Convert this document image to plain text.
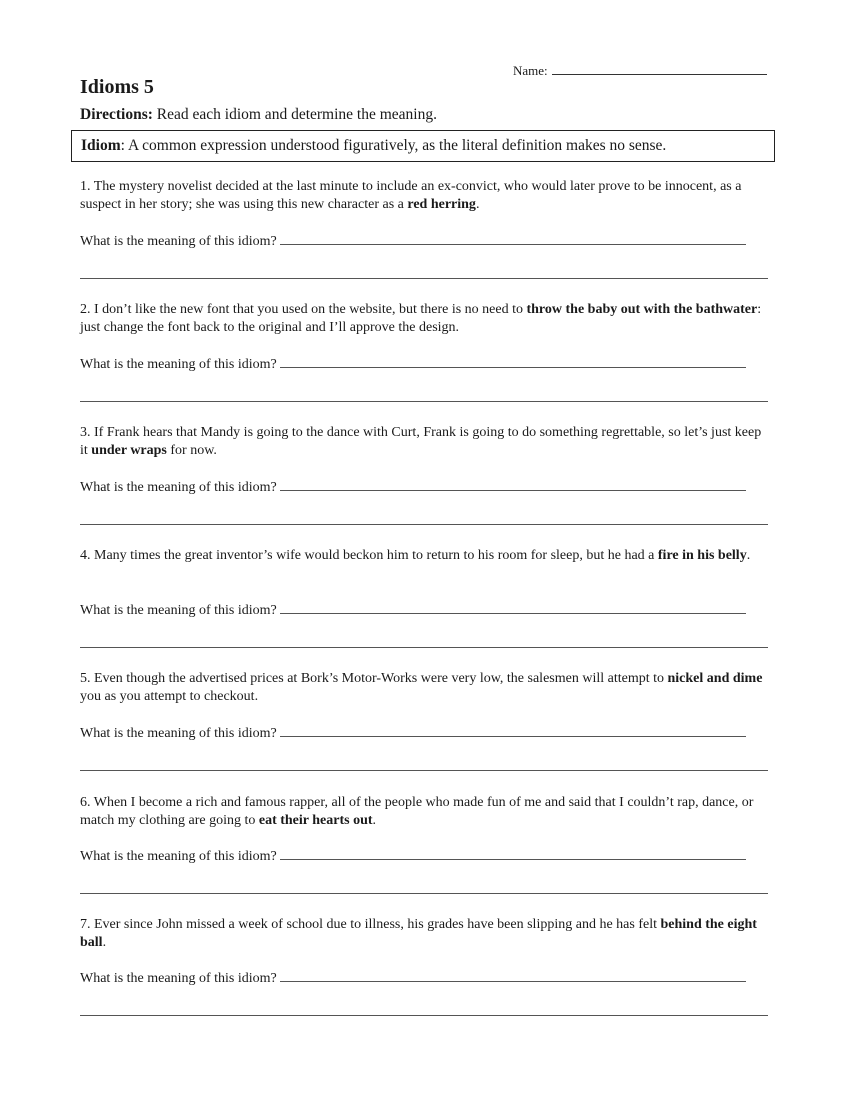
Name:
Idioms 5
Directions: Read each idiom and determine the meaning.
Idiom: A common expression understood figuratively, as the literal definition makes no sense.
1. The mystery novelist decided at the last minute to include an ex-convict, who would later prove to be innocent, as a suspect in her story; she was using this new character as a red herring.
What is the meaning of this idiom?
2. I don’t like the new font that you used on the website, but there is no need to throw the baby out with the bathwater: just change the font back to the original and I’ll approve the design.
What is the meaning of this idiom?
3. If Frank hears that Mandy is going to the dance with Curt, Frank is going to do something regrettable, so let’s just keep it under wraps for now.
What is the meaning of this idiom?
4. Many times the great inventor’s wife would beckon him to return to his room for sleep, but he had a fire in his belly.
What is the meaning of this idiom?
5. Even though the advertised prices at Bork’s Motor-Works were very low, the salesmen will attempt to nickel and dime you as you attempt to checkout.
What is the meaning of this idiom?
6. When I become a rich and famous rapper, all of the people who made fun of me and said that I couldn’t rap, dance, or match my clothing are going to eat their hearts out.
What is the meaning of this idiom?
7. Ever since John missed a week of school due to illness, his grades have been slipping and he has felt behind the eight ball.
What is the meaning of this idiom?
